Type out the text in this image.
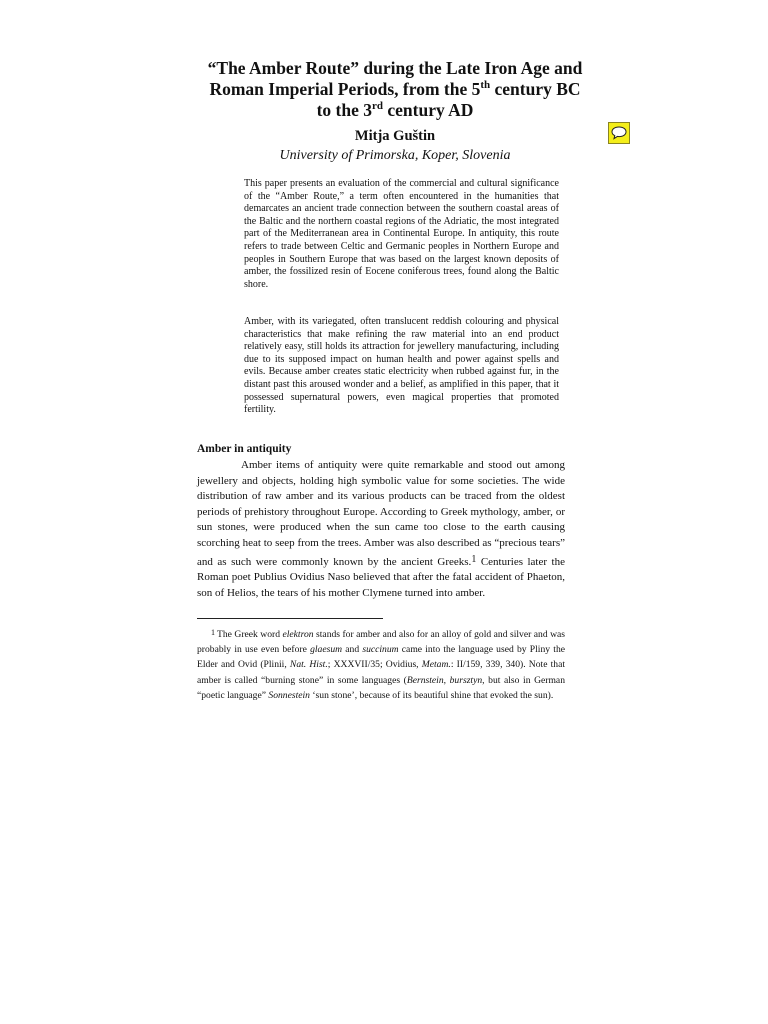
“The Amber Route” during the Late Iron Age and
Roman Imperial Periods, from the 5th century BC
to the 3rd century AD
Mitja Guštin
University of Primorska, Koper, Slovenia
This paper presents an evaluation of the commercial and cultural significance of the “Amber Route,” a term often encountered in the humanities that demarcates an ancient trade connection between the southern coastal areas of the Baltic and the northern coastal regions of the Adriatic, the most integrated part of the Mediterranean area in Continental Europe. In antiquity, this route refers to trade between Celtic and Germanic peoples in Northern Europe and peoples in Southern Europe that was based on the largest known deposits of amber, the fossilized resin of Eocene coniferous trees, found along the Baltic shore.
Amber, with its variegated, often translucent reddish colouring and physical characteristics that make refining the raw material into an end product relatively easy, still holds its attraction for jewellery manufacturing, including due to its supposed impact on human health and power against spells and evils. Because amber creates static electricity when rubbed against fur, in the distant past this aroused wonder and a belief, as amplified in this paper, that it possessed supernatural powers, even magical properties that promoted fertility.
Amber in antiquity

Amber items of antiquity were quite remarkable and stood out among jewellery and objects, holding high symbolic value for some societies. The wide distribution of raw amber and its various products can be traced from the oldest periods of prehistory throughout Europe. According to Greek mythology, amber, or sun stones, were produced when the sun came too close to the earth causing scorching heat to seep from the trees. Amber was also described as “precious tears” and as such were commonly known by the ancient Greeks.1 Centuries later the Roman poet Publius Ovidius Naso believed that after the fatal accident of Phaeton, son of Helios, the tears of his mother Clymene turned into amber.

$^1$ The Greek word elektron stands for amber and also for an alloy of gold and silver and was probably in use even before glaesum and succinum came into the language used by Pliny the Elder and Ovid (Plinii, Nat. Hist.; XXXVII/35; Ovidius, Metam.: II/159, 339, 340). Note that amber is called “burning stone” in some languages (Bernstein, bursztyn, but also in German “poetic language” Sonnestein ‘sun stone’, because of its beautiful shine that evoked the sun).
